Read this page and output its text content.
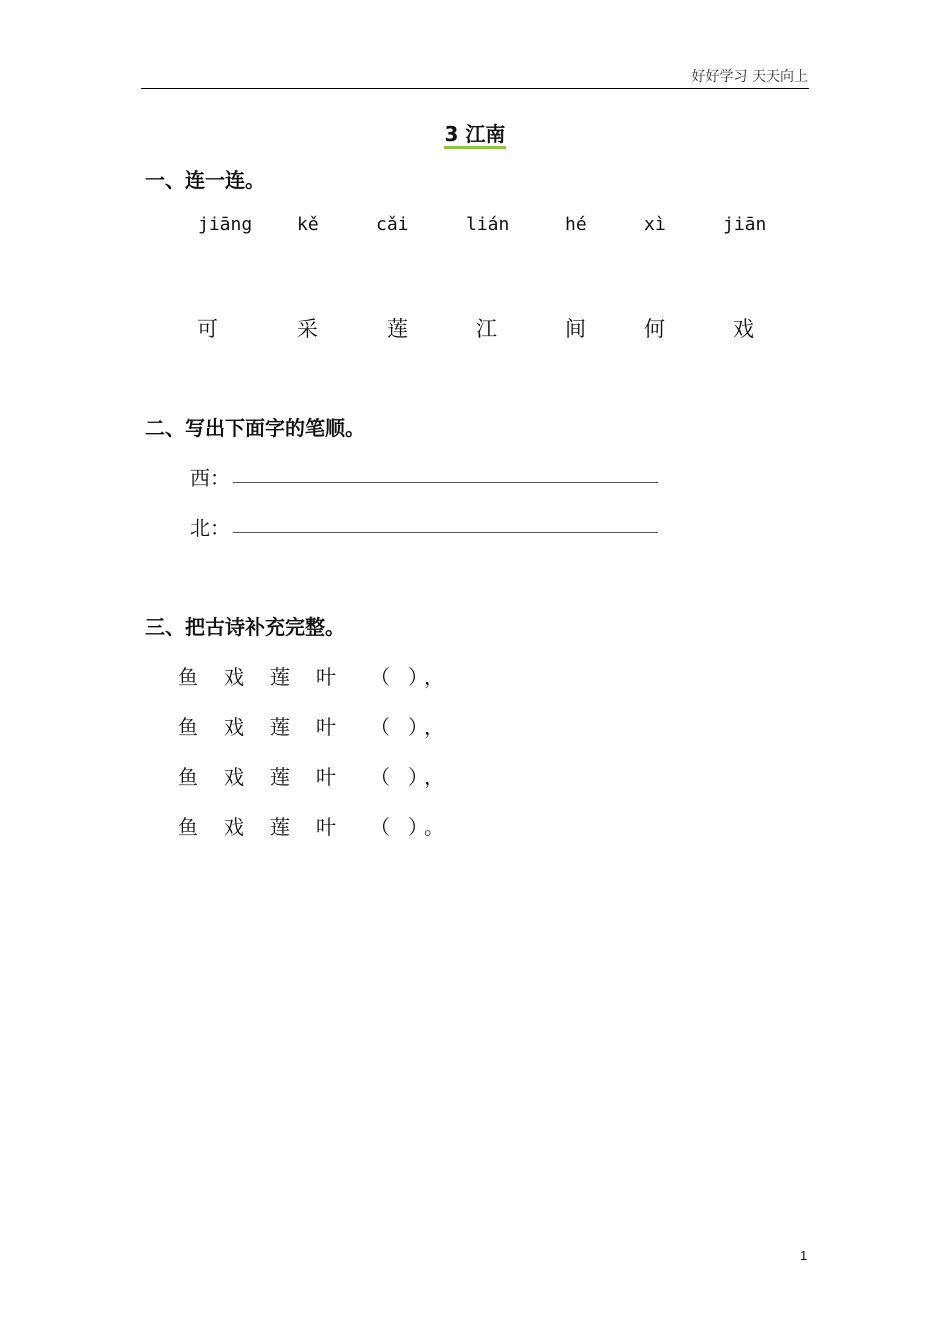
好好学习 天天向上
3 江南
一、连一连。
jiāng kě	cǎi	lián	hé	xì	jiān
可	采	莲	江	间	何	戏
二、写出下面字的笔顺。
西：
北：
三、把古诗补充完整。
鱼 戏 莲 叶 （ ）
，
鱼 戏 莲 叶 （ ）
，
鱼 戏 莲 叶 （ ）
，
鱼 戏 莲 叶 （ ）
。
1
